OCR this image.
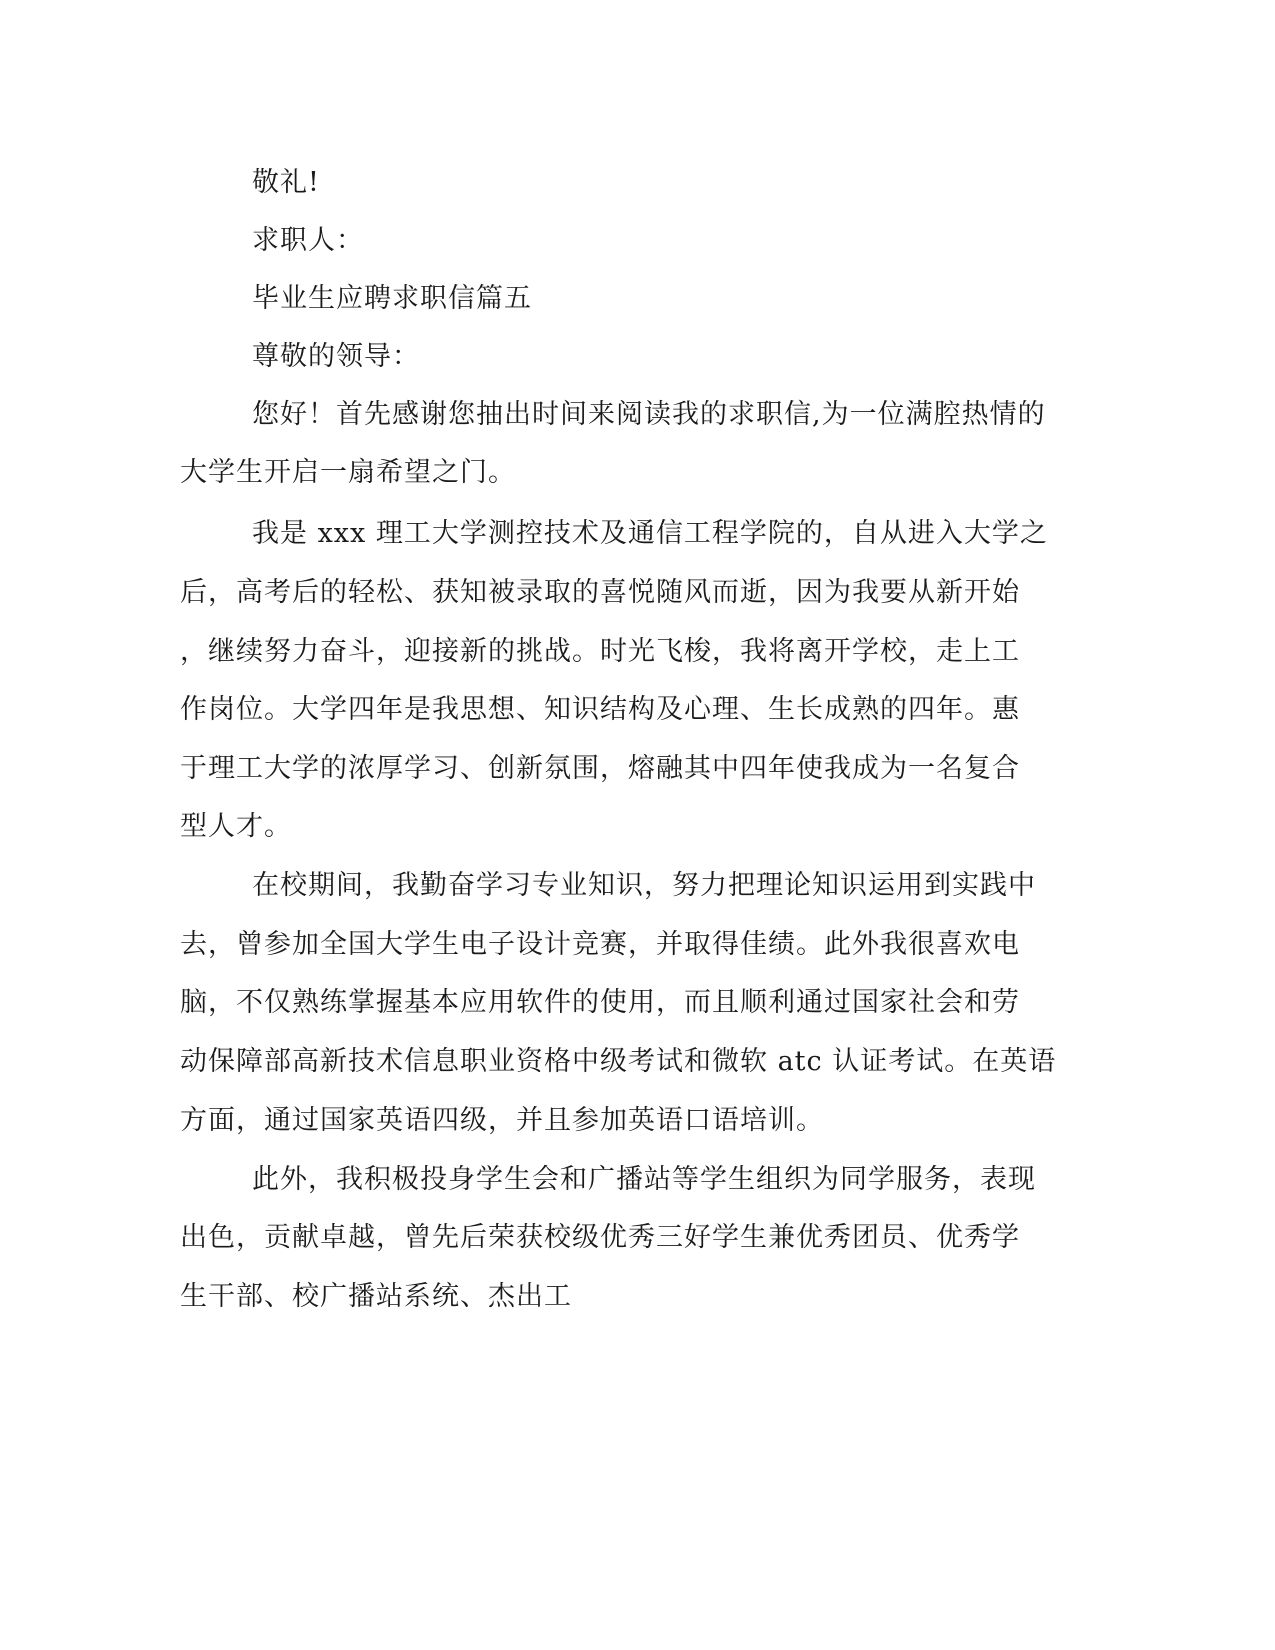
敬礼!

求职人：

毕业生应聘求职信篇五

尊敬的领导：

您好！首先感谢您抽出时间来阅读我的求职信,为一位满腔热情的

大学生开启一扇希望之门。

我是 xxx 理工大学测控技术及通信工程学院的，自从进入大学之

后，高考后的轻松、获知被录取的喜悦随风而逝，因为我要从新开始

，继续努力奋斗，迎接新的挑战。时光飞梭，我将离开学校，走上工

作岗位。大学四年是我思想、知识结构及心理、生长成熟的四年。惠

于理工大学的浓厚学习、创新氛围，熔融其中四年使我成为一名复合

型人才。

在校期间，我勤奋学习专业知识，努力把理论知识运用到实践中

去，曾参加全国大学生电子设计竞赛，并取得佳绩。此外我很喜欢电

脑，不仅熟练掌握基本应用软件的使用，而且顺利通过国家社会和劳

动保障部高新技术信息职业资格中级考试和微软 atc 认证考试。在英语

方面，通过国家英语四级，并且参加英语口语培训。

此外，我积极投身学生会和广播站等学生组织为同学服务，表现

出色，贡献卓越，曾先后荣获校级优秀三好学生兼优秀团员、优秀学

生干部、校广播站系统、杰出工
